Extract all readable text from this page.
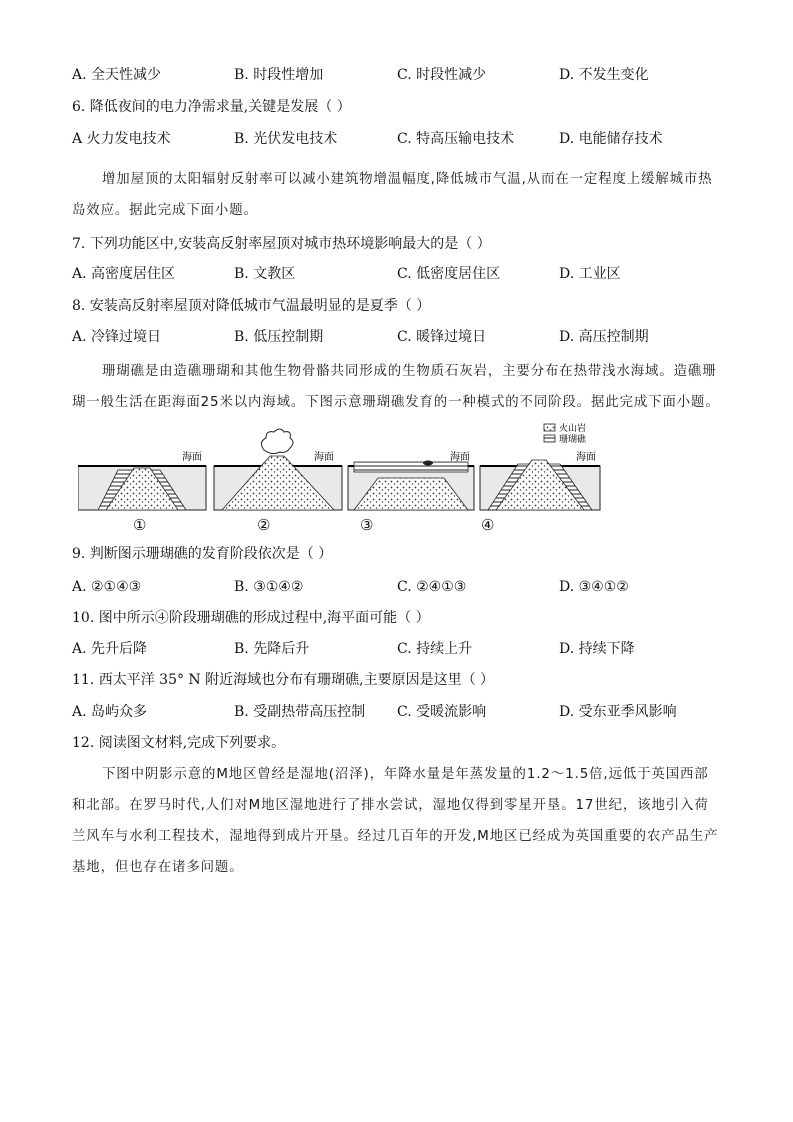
A. 全天性减少	B. 时段性增加	C. 时段性减少	D. 不发生变化
6. 降低夜间的电力净需求量,关键是发展（ ）
A 火力发电技术	B. 光伏发电技术	C. 特高压输电技术	D. 电能储存技术
增加屋顶的太阳辐射反射率可以减小建筑物增温幅度,降低城市气温,从而在一定程度上缓解城市热岛效应。据此完成下面小题。
7. 下列功能区中,安装高反射率屋顶对城市热环境影响最大的是（ ）
A. 高密度居住区	B. 文教区	C. 低密度居住区	D. 工业区
8. 安装高反射率屋顶对降低城市气温最明显的是夏季（ ）
A. 冷锋过境日	B. 低压控制期	C. 暖锋过境日	D. 高压控制期
珊瑚礁是由造礁珊瑚和其他生物骨骼共同形成的生物质石灰岩，主要分布在热带浅水海域。造礁珊瑚一般生活在距海面25米以内海域。下图示意珊瑚礁发育的一种模式的不同阶段。据此完成下面小题。
火山岩
珊瑚礁
海面	海面	海面	海面
①	②	③	④
9. 判断图示珊瑚礁的发育阶段依次是（ ）
A. ②①④③	B. ③①④②	C. ②④①③	D. ③④①②
10. 图中所示④阶段珊瑚礁的形成过程中,海平面可能（ ）
A. 先升后降	B. 先降后升	C. 持续上升	D. 持续下降
11. 西太平洋 35° N 附近海域也分布有珊瑚礁,主要原因是这里（ ）
A. 岛屿众多	B. 受副热带高压控制 C. 受暖流影响	D. 受东亚季风影响
12. 阅读图文材料,完成下列要求。
下图中阴影示意的M地区曾经是湿地(沼泽)，年降水量是年蒸发量的1.2～1.5倍,远低于英国西部和北部。在罗马时代,人们对M地区湿地进行了排水尝试，湿地仅得到零星开垦。17世纪，该地引入荷兰风车与水利工程技术，湿地得到成片开垦。经过几百年的开发,M地区已经成为英国重要的农产品生产基地，但也存在诸多问题。
